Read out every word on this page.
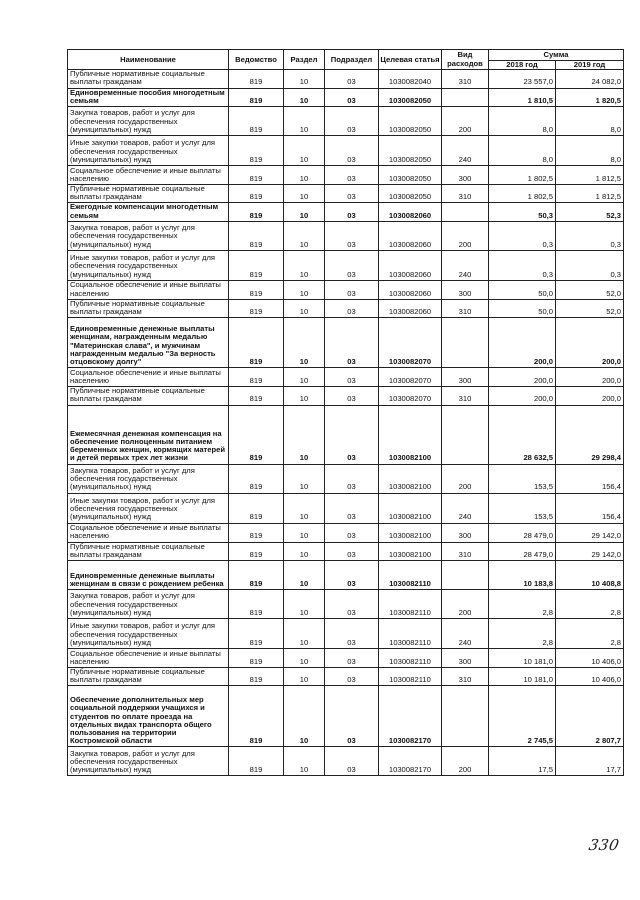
Наименование	Ведомство	Раздел	Подраздел	Целевая статья	Вид расходов	Сумма	
						2018 год	2019 год
Публичные нормативные социальные выплаты гражданам	819	10	03	1030082040	310	23 557,0	24 082,0
Единовременные пособия многодетным семьям	819	10	03	1030082050		1 810,5	1 820,5
Закупка товаров, работ и услуг для обеспечения государственных (муниципальных) нужд	819	10	03	1030082050	200	8,0	8,0
Иные закупки товаров, работ и услуг для обеспечения государственных (муниципальных) нужд	819	10	03	1030082050	240	8,0	8,0
Социальное обеспечение и иные выплаты населению	819	10	03	1030082050	300	1 802,5	1 812,5
Публичные нормативные социальные выплаты гражданам	819	10	03	1030082050	310	1 802,5	1 812,5
Ежегодные компенсации многодетным семьям	819	10	03	1030082060		50,3	52,3
Закупка товаров, работ и услуг для обеспечения государственных (муниципальных) нужд	819	10	03	1030082060	200	0,3	0,3
Иные закупки товаров, работ и услуг для обеспечения государственных (муниципальных) нужд	819	10	03	1030082060	240	0,3	0,3
Социальное обеспечение и иные выплаты населению	819	10	03	1030082060	300	50,0	52,0
Публичные нормативные социальные выплаты гражданам	819	10	03	1030082060	310	50,0	52,0
Единовременные денежные выплаты женщинам, награжденным медалью "Материнская слава", и мужчинам награжденным медалью "За верность отцовскому долгу"	819	10	03	1030082070		200,0	200,0
Социальное обеспечение и иные выплаты населению	819	10	03	1030082070	300	200,0	200,0
Публичные нормативные социальные выплаты гражданам	819	10	03	1030082070	310	200,0	200,0
Ежемесячная денежная компенсация на обеспечение полноценным питанием беременных женщин, кормящих матерей и детей первых трех лет жизни	819	10	03	1030082100		28 632,5	29 298,4
Закупка товаров, работ и услуг для обеспечения государственных (муниципальных) нужд	819	10	03	1030082100	200	153,5	156,4
Иные закупки товаров, работ и услуг для обеспечения государственных (муниципальных) нужд	819	10	03	1030082100	240	153,5	156,4
Социальное обеспечение и иные выплаты населению	819	10	03	1030082100	300	28 479,0	29 142,0
Публичные нормативные социальные выплаты гражданам	819	10	03	1030082100	310	28 479,0	29 142,0
Единовременные денежные выплаты женщинам в связи с рождением ребенка	819	10	03	1030082110		10 183,8	10 408,8
Закупка товаров, работ и услуг для обеспечения государственных (муниципальных) нужд	819	10	03	1030082110	200	2,8	2,8
Иные закупки товаров, работ и услуг для обеспечения государственных (муниципальных) нужд	819	10	03	1030082110	240	2,8	2,8
Социальное обеспечение и иные выплаты населению	819	10	03	1030082110	300	10 181,0	10 406,0
Публичные нормативные социальные выплаты гражданам	819	10	03	1030082110	310	10 181,0	10 406,0
Обеспечение дополнительных мер социальной поддержки учащихся и студентов по оплате проезда на отдельных видах транспорта общего пользования на территории Костромской области	819	10	03	1030082170		2 745,5	2 807,7
Закупка товаров, работ и услуг для обеспечения государственных (муниципальных) нужд	819	10	03	1030082170	200	17,5	17,7
330
